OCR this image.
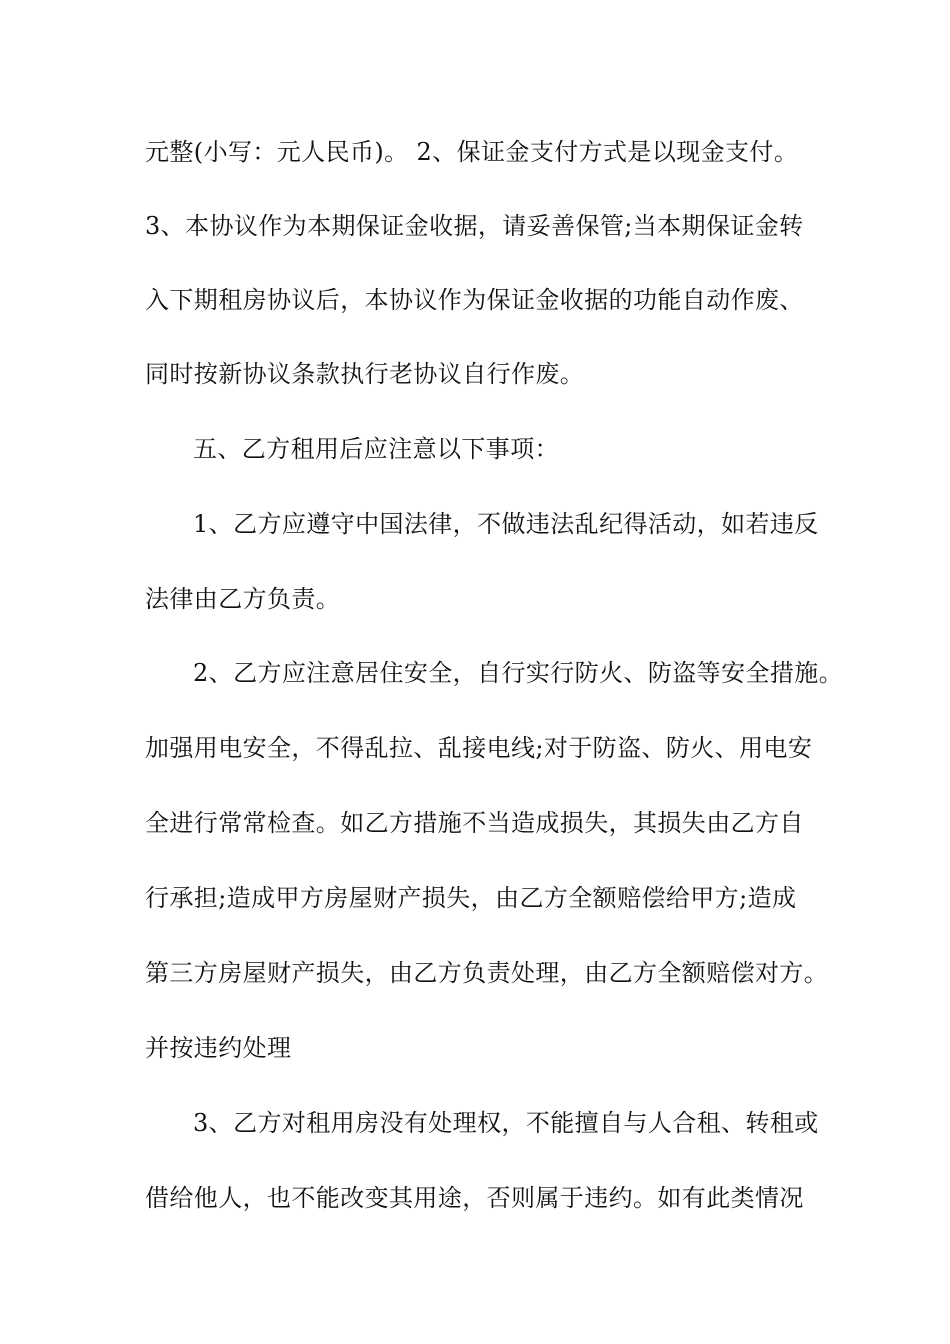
元整(小写：元人民币)。 2、保证金支付方式是以现金支付。
3、本协议作为本期保证金收据，请妥善保管;当本期保证金转
入下期租房协议后，本协议作为保证金收据的功能自动作废、
同时按新协议条款执行老协议自行作废。
五、乙方租用后应注意以下事项：
1、乙方应遵守中国法律，不做违法乱纪得活动，如若违反
法律由乙方负责。
2、乙方应注意居住安全，自行实行防火、防盗等安全措施。
加强用电安全，不得乱拉、乱接电线;对于防盗、防火、用电安
全进行常常检查。如乙方措施不当造成损失，其损失由乙方自
行承担;造成甲方房屋财产损失，由乙方全额赔偿给甲方;造成
第三方房屋财产损失，由乙方负责处理，由乙方全额赔偿对方。
并按违约处理
3、乙方对租用房没有处理权，不能擅自与人合租、转租或
借给他人，也不能改变其用途，否则属于违约。如有此类情况
